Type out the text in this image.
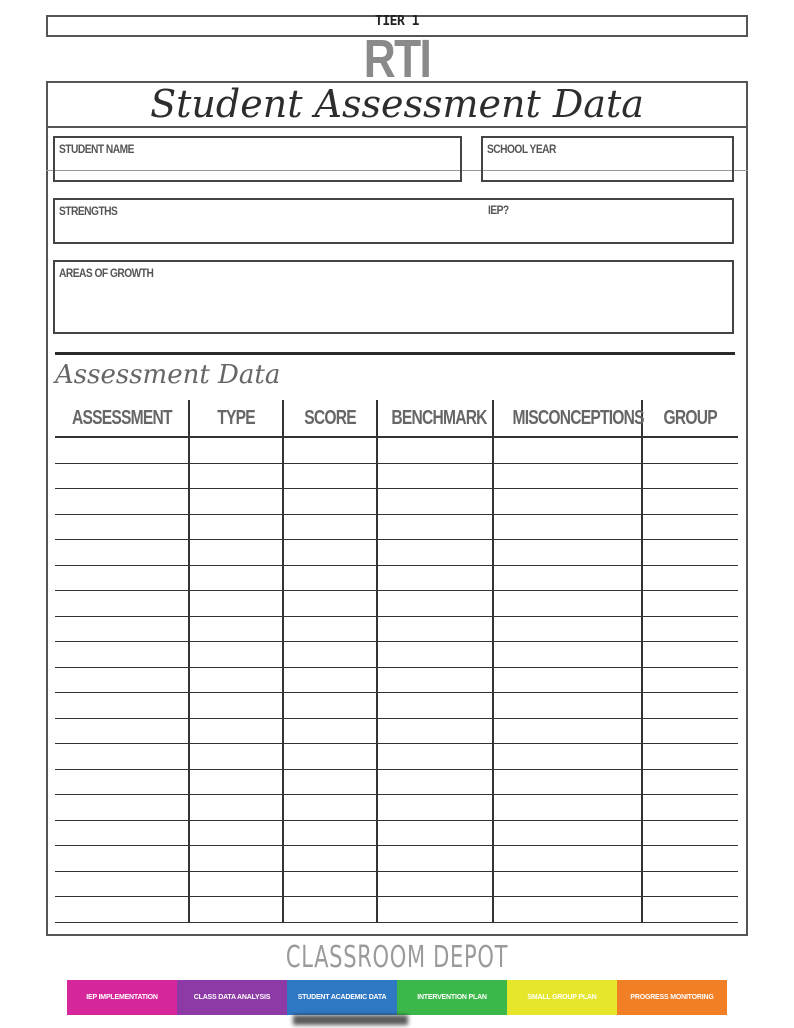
TIER 1
RTI
Student Assessment Data
STUDENT NAME	SCHOOL YEAR
STRENGTHS	IEP?
AREAS OF GROWTH
Assessment Data
ASSESSMENT	TYPE	SCORE	BENCHMARK	MISCONCEPTIONS	GROUP

CLASSROOM DEPOT
IEP IMPLEMENTATION	CLASS DATA ANALYSIS	STUDENT ACADEMIC DATA	INTERVENTION PLAN	SMALL GROUP PLAN	PROGRESS MONITORING
